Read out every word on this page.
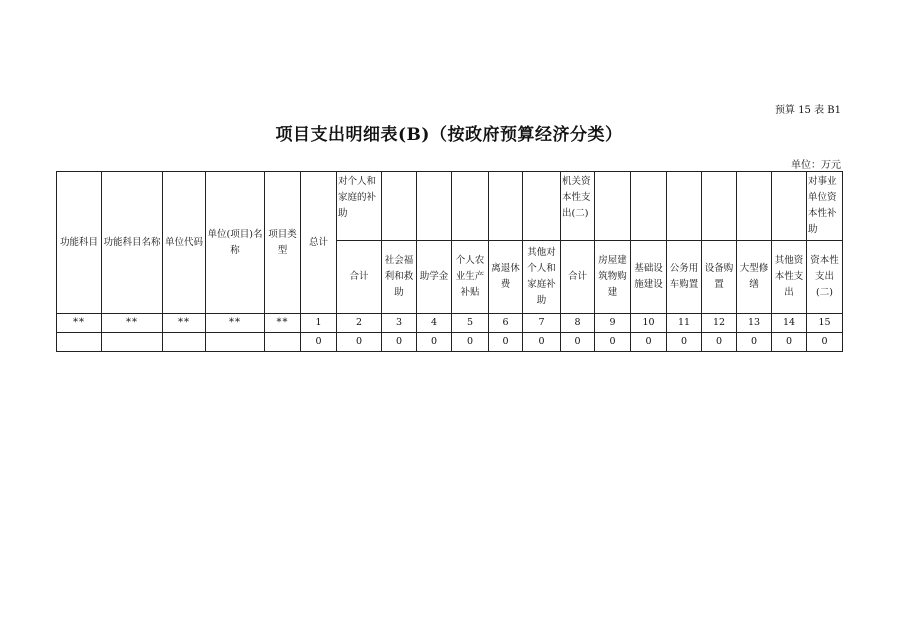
预算 15 表 B1
项目支出明细表(B)（按政府预算经济分类）
单位：万元
功能科目	功能科目名称	单位代码	单位(项目)名称	项目类型	总计	对个人和家庭的补助						机关资本性支出(二)							对事业单位资本性补助
						合计	社会福利和救助	助学金	个人农业生产补贴	离退休费	其他对个人和家庭补助	合计	房屋建筑物购建	基础设施建设	公务用车购置	设备购置	大型修缮	其他资本性支出	资本性支出(二)
**	**	**	**	**	1	2	3	4	5	6	7	8	9	10	11	12	13	14	15
					0	0	0	0	0	0	0	0	0	0	0	0	0	0	0
